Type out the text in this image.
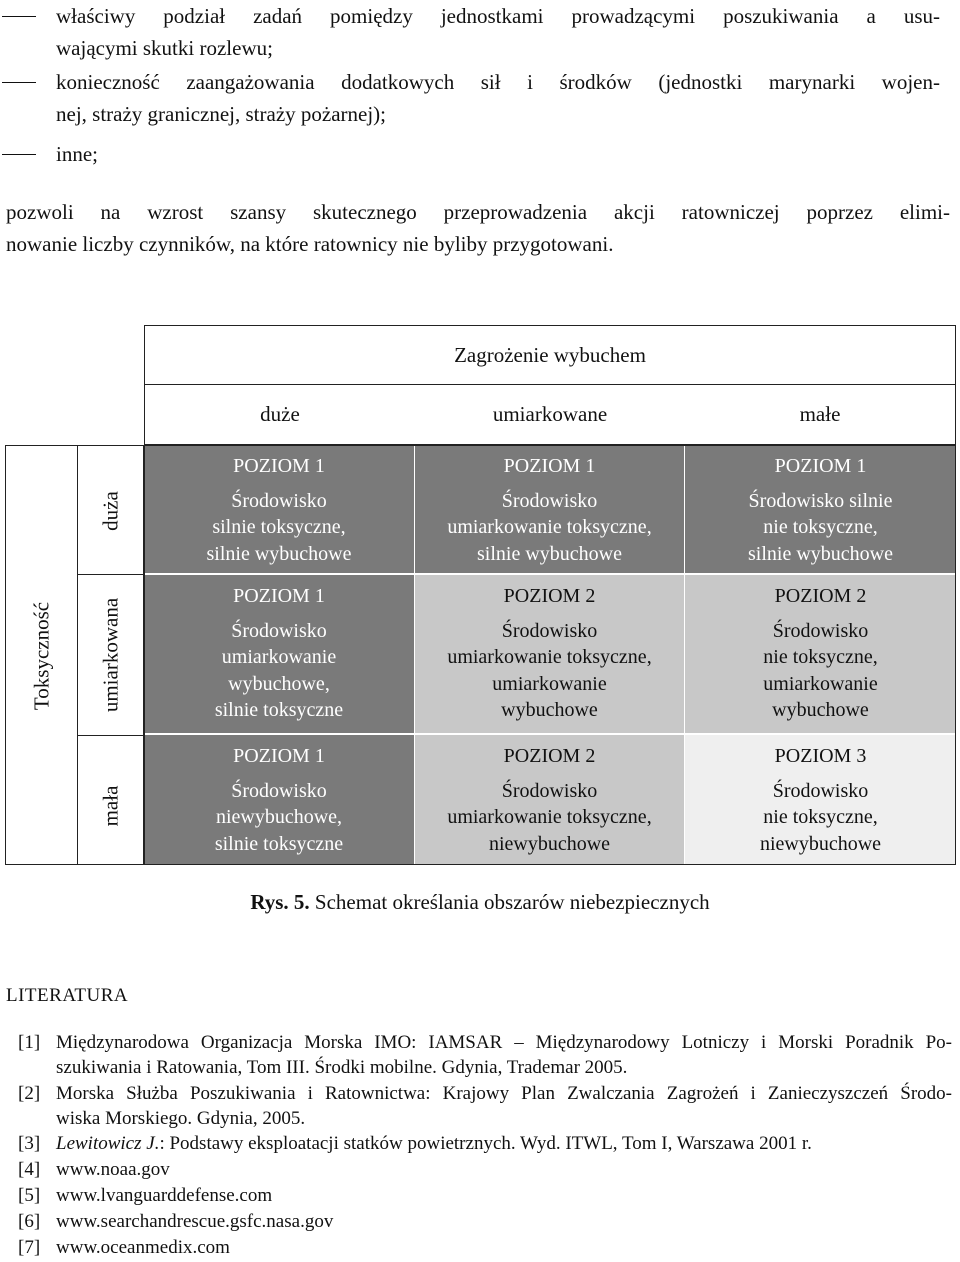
właściwy podział zadań pomiędzy jednostkami prowadzącymi poszukiwania a usu-
wającymi skutki rozlewu;
konieczność zaangażowania dodatkowych sił i środków (jednostki marynarki wojen-
nej, straży granicznej, straży pożarnej);
inne;
pozwoli na wzrost szansy skutecznego przeprowadzenia akcji ratowniczej poprzez elimi-
nowanie liczby czynników, na które ratownicy nie byliby przygotowani.
Zagrożenie wybuchem
duże	umiarkowane	małe
Toksyczność
duża
umiarkowana
mała
POZIOM 1
Środowisko
silnie toksyczne,
silnie wybuchowe
POZIOM 1
Środowisko
umiarkowanie toksyczne,
silnie wybuchowe
POZIOM 1
Środowisko silnie
nie toksyczne,
silnie wybuchowe
POZIOM 1
Środowisko
umiarkowanie
wybuchowe,
silnie toksyczne
POZIOM 2
Środowisko
umiarkowanie toksyczne,
umiarkowanie
wybuchowe
POZIOM 2
Środowisko
nie toksyczne,
umiarkowanie
wybuchowe
POZIOM 1
Środowisko
niewybuchowe,
silnie toksyczne
POZIOM 2
Środowisko
umiarkowanie toksyczne,
niewybuchowe
POZIOM 3
Środowisko
nie toksyczne,
niewybuchowe
Rys. 5. Schemat określania obszarów niebezpiecznych
LITERATURA
[1] Międzynarodowa Organizacja Morska IMO: IAMSAR – Międzynarodowy Lotniczy i Morski Poradnik Po-
szukiwania i Ratowania, Tom III. Środki mobilne. Gdynia, Trademar 2005.
[2] Morska Służba Poszukiwania i Ratownictwa: Krajowy Plan Zwalczania Zagrożeń i Zanieczyszczeń Środo-
wiska Morskiego. Gdynia, 2005.
[3] Lewitowicz J.: Podstawy eksploatacji statków powietrznych. Wyd. ITWL, Tom I, Warszawa 2001 r.
[4] www.noaa.gov
[5] www.lvanguarddefense.com
[6] www.searchandrescue.gsfc.nasa.gov
[7] www.oceanmedix.com
